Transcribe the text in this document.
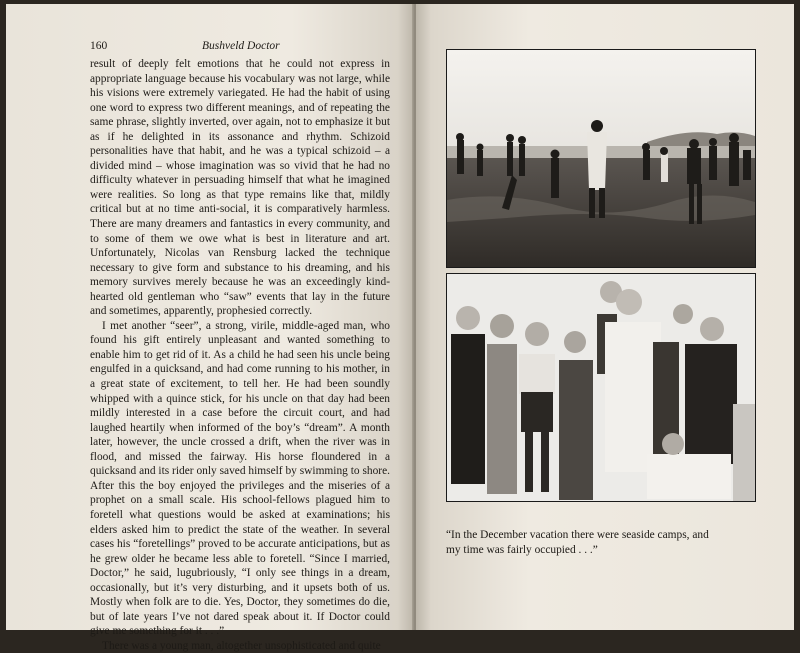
160	Bushveld Doctor

result of deeply felt emotions that he could not express in appropriate language because his vocabulary was not large, while his visions were extremely variegated. He had the habit of using one word to express two different meanings, and of repeating the same phrase, slightly inverted, over again, not to emphasize it but as if he delighted in its assonance and rhythm. Schizoid personalities have that habit, and he was a typical schizoid – a divided mind – whose imagination was so vivid that he had no difficulty whatever in persuading himself that what he imagined were realities. So long as that type remains like that, mildly critical but at no time anti-social, it is comparatively harmless. There are many dreamers and fantastics in every community, and to some of them we owe what is best in literature and art. Unfortunately, Nicolas van Rensburg lacked the technique necessary to give form and substance to his dreaming, and his memory survives merely because he was an exceedingly kind-hearted old gentleman who “saw” events that lay in the future and sometimes, apparently, prophesied correctly.

I met another “seer”, a strong, virile, middle-aged man, who found his gift entirely unpleasant and wanted something to enable him to get rid of it. As a child he had seen his uncle being engulfed in a quicksand, and had come running to his mother, in a great state of excitement, to tell her. He had been soundly whipped with a quince stick, for his uncle on that day had been mildly interested in a case before the circuit court, and had laughed heartily when informed of the boy’s “dream”. A month later, however, the uncle crossed a drift, when the river was in flood, and missed the fairway. His horse floundered in a quicksand and its rider only saved himself by swimming to shore. After this the boy enjoyed the privileges and the miseries of a prophet on a small scale. His school-fellows plagued him to foretell what questions would be asked at examinations; his elders asked him to predict the state of the weather. In several cases his “foretellings” proved to be accurate anticipations, but as he grew older he became less able to foretell. “Since I married, Doctor,” he said, lugubriously, “I only see things in a dream, occasionally, but it’s very disturbing, and it upsets both of us. Mostly when folk are to die. Yes, Doctor, they sometimes do die, but of late years I’ve not dared speak about it. If Doctor could give me something for it . . .”

There was a young man, altogether unsophisticated and quite

“In the December vacation there were seaside camps, and my time was fairly occupied . . .”
